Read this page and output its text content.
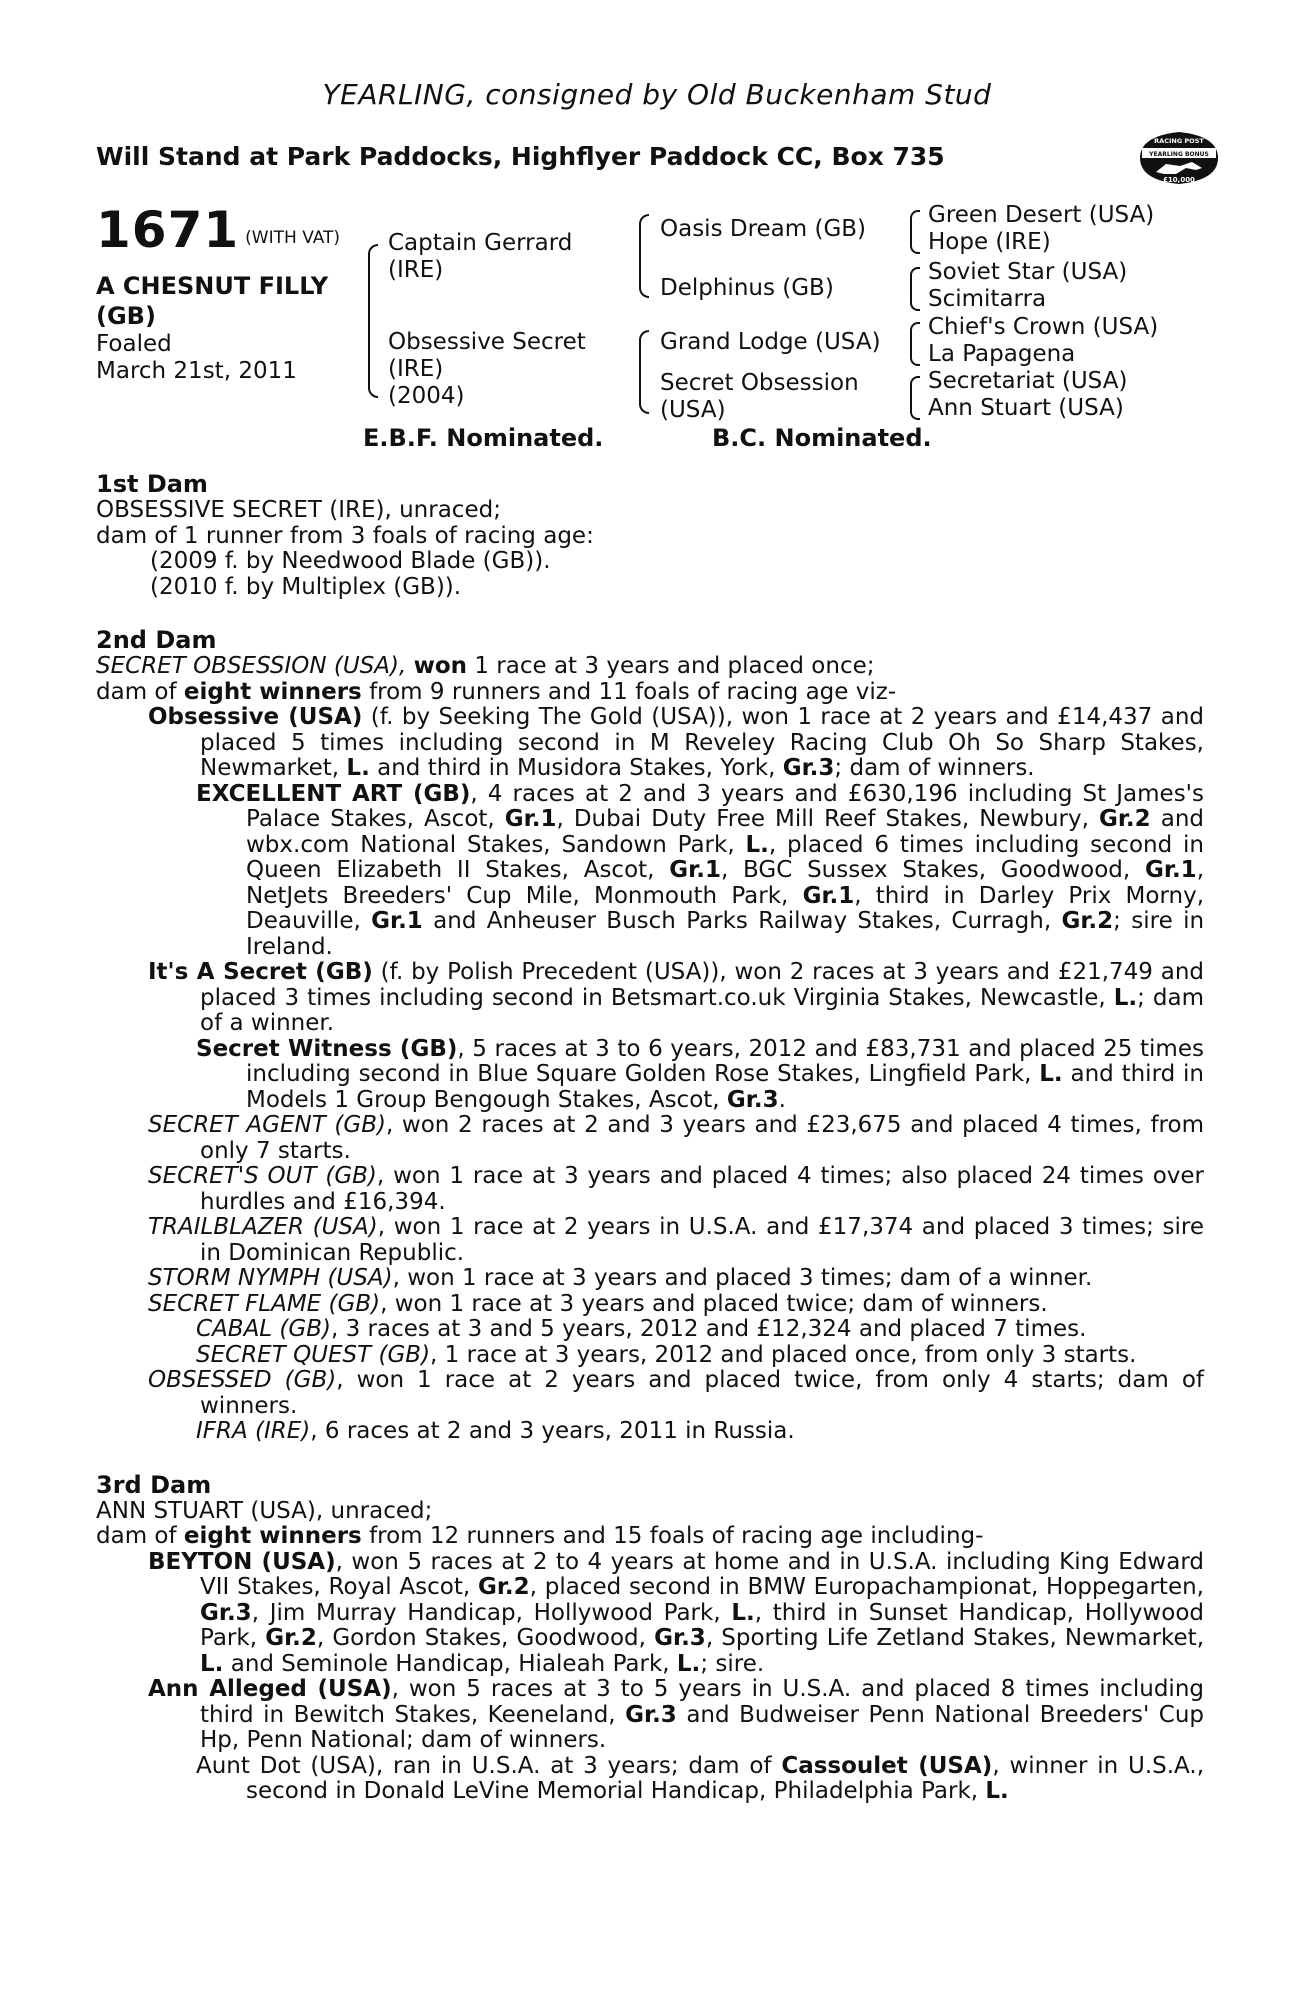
YEARLING, consigned by Old Buckenham Stud
Will Stand at Park Paddocks, Highflyer Paddock CC, Box 735
RACING POST
YEARLING BONUS
£10,000
1671 (WITH VAT)
A CHESNUT FILLY
(GB)
Foaled
March 21st, 2011
Captain Gerrard
(IRE)
Obsessive Secret
(IRE)
(2004)
Oasis Dream (GB)
Delphinus (GB)
Grand Lodge (USA)
Secret Obsession
(USA)
Green Desert (USA)
Hope (IRE)
Soviet Star (USA)
Scimitarra
Chief's Crown (USA)
La Papagena
Secretariat (USA)
Ann Stuart (USA)
E.B.F. Nominated.	B.C. Nominated.
1st Dam
OBSESSIVE SECRET (IRE), unraced;
dam of 1 runner from 3 foals of racing age:
(2009 f. by Needwood Blade (GB)).
(2010 f. by Multiplex (GB)).
2nd Dam
SECRET OBSESSION (USA), won 1 race at 3 years and placed once;
dam of eight winners from 9 runners and 11 foals of racing age viz-
Obsessive (USA) (f. by Seeking The Gold (USA)), won 1 race at 2 years and £14,437 and placed 5 times including second in M Reveley Racing Club Oh So Sharp Stakes, Newmarket, L. and third in Musidora Stakes, York, Gr.3; dam of winners.
EXCELLENT ART (GB), 4 races at 2 and 3 years and £630,196 including St James's Palace Stakes, Ascot, Gr.1, Dubai Duty Free Mill Reef Stakes, Newbury, Gr.2 and wbx.com National Stakes, Sandown Park, L., placed 6 times including second in Queen Elizabeth II Stakes, Ascot, Gr.1, BGC Sussex Stakes, Goodwood, Gr.1, NetJets Breeders' Cup Mile, Monmouth Park, Gr.1, third in Darley Prix Morny, Deauville, Gr.1 and Anheuser Busch Parks Railway Stakes, Curragh, Gr.2; sire in Ireland.
It's A Secret (GB) (f. by Polish Precedent (USA)), won 2 races at 3 years and £21,749 and placed 3 times including second in Betsmart.co.uk Virginia Stakes, Newcastle, L.; dam of a winner.
Secret Witness (GB), 5 races at 3 to 6 years, 2012 and £83,731 and placed 25 times including second in Blue Square Golden Rose Stakes, Lingfield Park, L. and third in Models 1 Group Bengough Stakes, Ascot, Gr.3.
SECRET AGENT (GB), won 2 races at 2 and 3 years and £23,675 and placed 4 times, from only 7 starts.
SECRET'S OUT (GB), won 1 race at 3 years and placed 4 times; also placed 24 times over hurdles and £16,394.
TRAILBLAZER (USA), won 1 race at 2 years in U.S.A. and £17,374 and placed 3 times; sire in Dominican Republic.
STORM NYMPH (USA), won 1 race at 3 years and placed 3 times; dam of a winner.
SECRET FLAME (GB), won 1 race at 3 years and placed twice; dam of winners.
CABAL (GB), 3 races at 3 and 5 years, 2012 and £12,324 and placed 7 times.
SECRET QUEST (GB), 1 race at 3 years, 2012 and placed once, from only 3 starts.
OBSESSED (GB), won 1 race at 2 years and placed twice, from only 4 starts; dam of winners.
IFRA (IRE), 6 races at 2 and 3 years, 2011 in Russia.
3rd Dam
ANN STUART (USA), unraced;
dam of eight winners from 12 runners and 15 foals of racing age including-
BEYTON (USA), won 5 races at 2 to 4 years at home and in U.S.A. including King Edward VII Stakes, Royal Ascot, Gr.2, placed second in BMW Europachampionat, Hoppegarten, Gr.3, Jim Murray Handicap, Hollywood Park, L., third in Sunset Handicap, Hollywood Park, Gr.2, Gordon Stakes, Goodwood, Gr.3, Sporting Life Zetland Stakes, Newmarket, L. and Seminole Handicap, Hialeah Park, L.; sire.
Ann Alleged (USA), won 5 races at 3 to 5 years in U.S.A. and placed 8 times including third in Bewitch Stakes, Keeneland, Gr.3 and Budweiser Penn National Breeders' Cup Hp, Penn National; dam of winners.
Aunt Dot (USA), ran in U.S.A. at 3 years; dam of Cassoulet (USA), winner in U.S.A., second in Donald LeVine Memorial Handicap, Philadelphia Park, L.
